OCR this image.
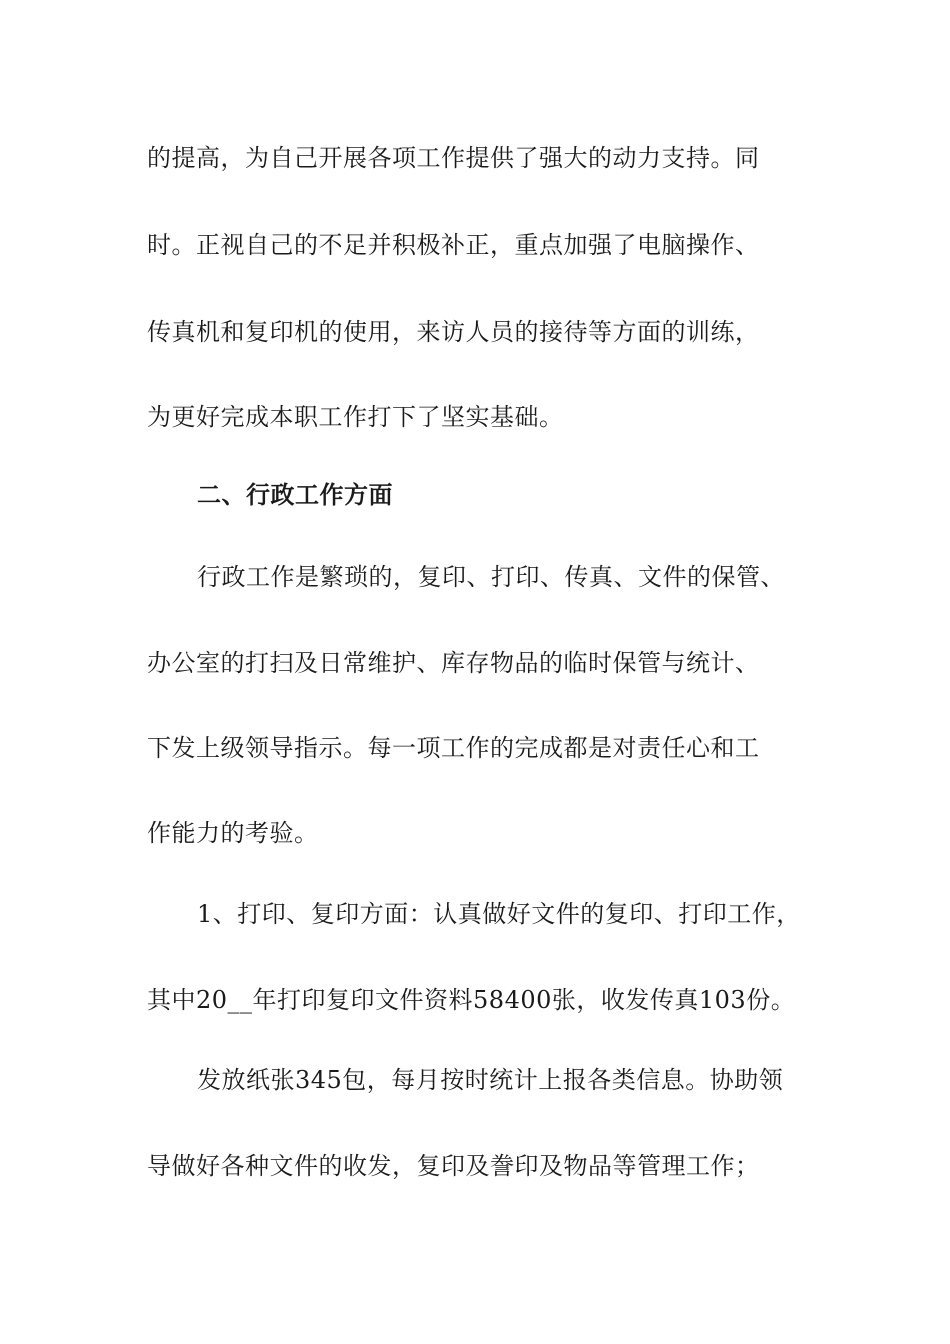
的提高，为自己开展各项工作提供了强大的动力支持。同
时。正视自己的不足并积极补正，重点加强了电脑操作、
传真机和复印机的使用，来访人员的接待等方面的训练，
为更好完成本职工作打下了坚实基础。
二、行政工作方面
行政工作是繁琐的，复印、打印、传真、文件的保管、
办公室的打扫及日常维护、库存物品的临时保管与统计、
下发上级领导指示。每一项工作的完成都是对责任心和工
作能力的考验。
1、打印、复印方面：认真做好文件的复印、打印工作，
其中20__年打印复印文件资料58400张，收发传真103份。
发放纸张345包，每月按时统计上报各类信息。协助领
导做好各种文件的收发，复印及誊印及物品等管理工作；
